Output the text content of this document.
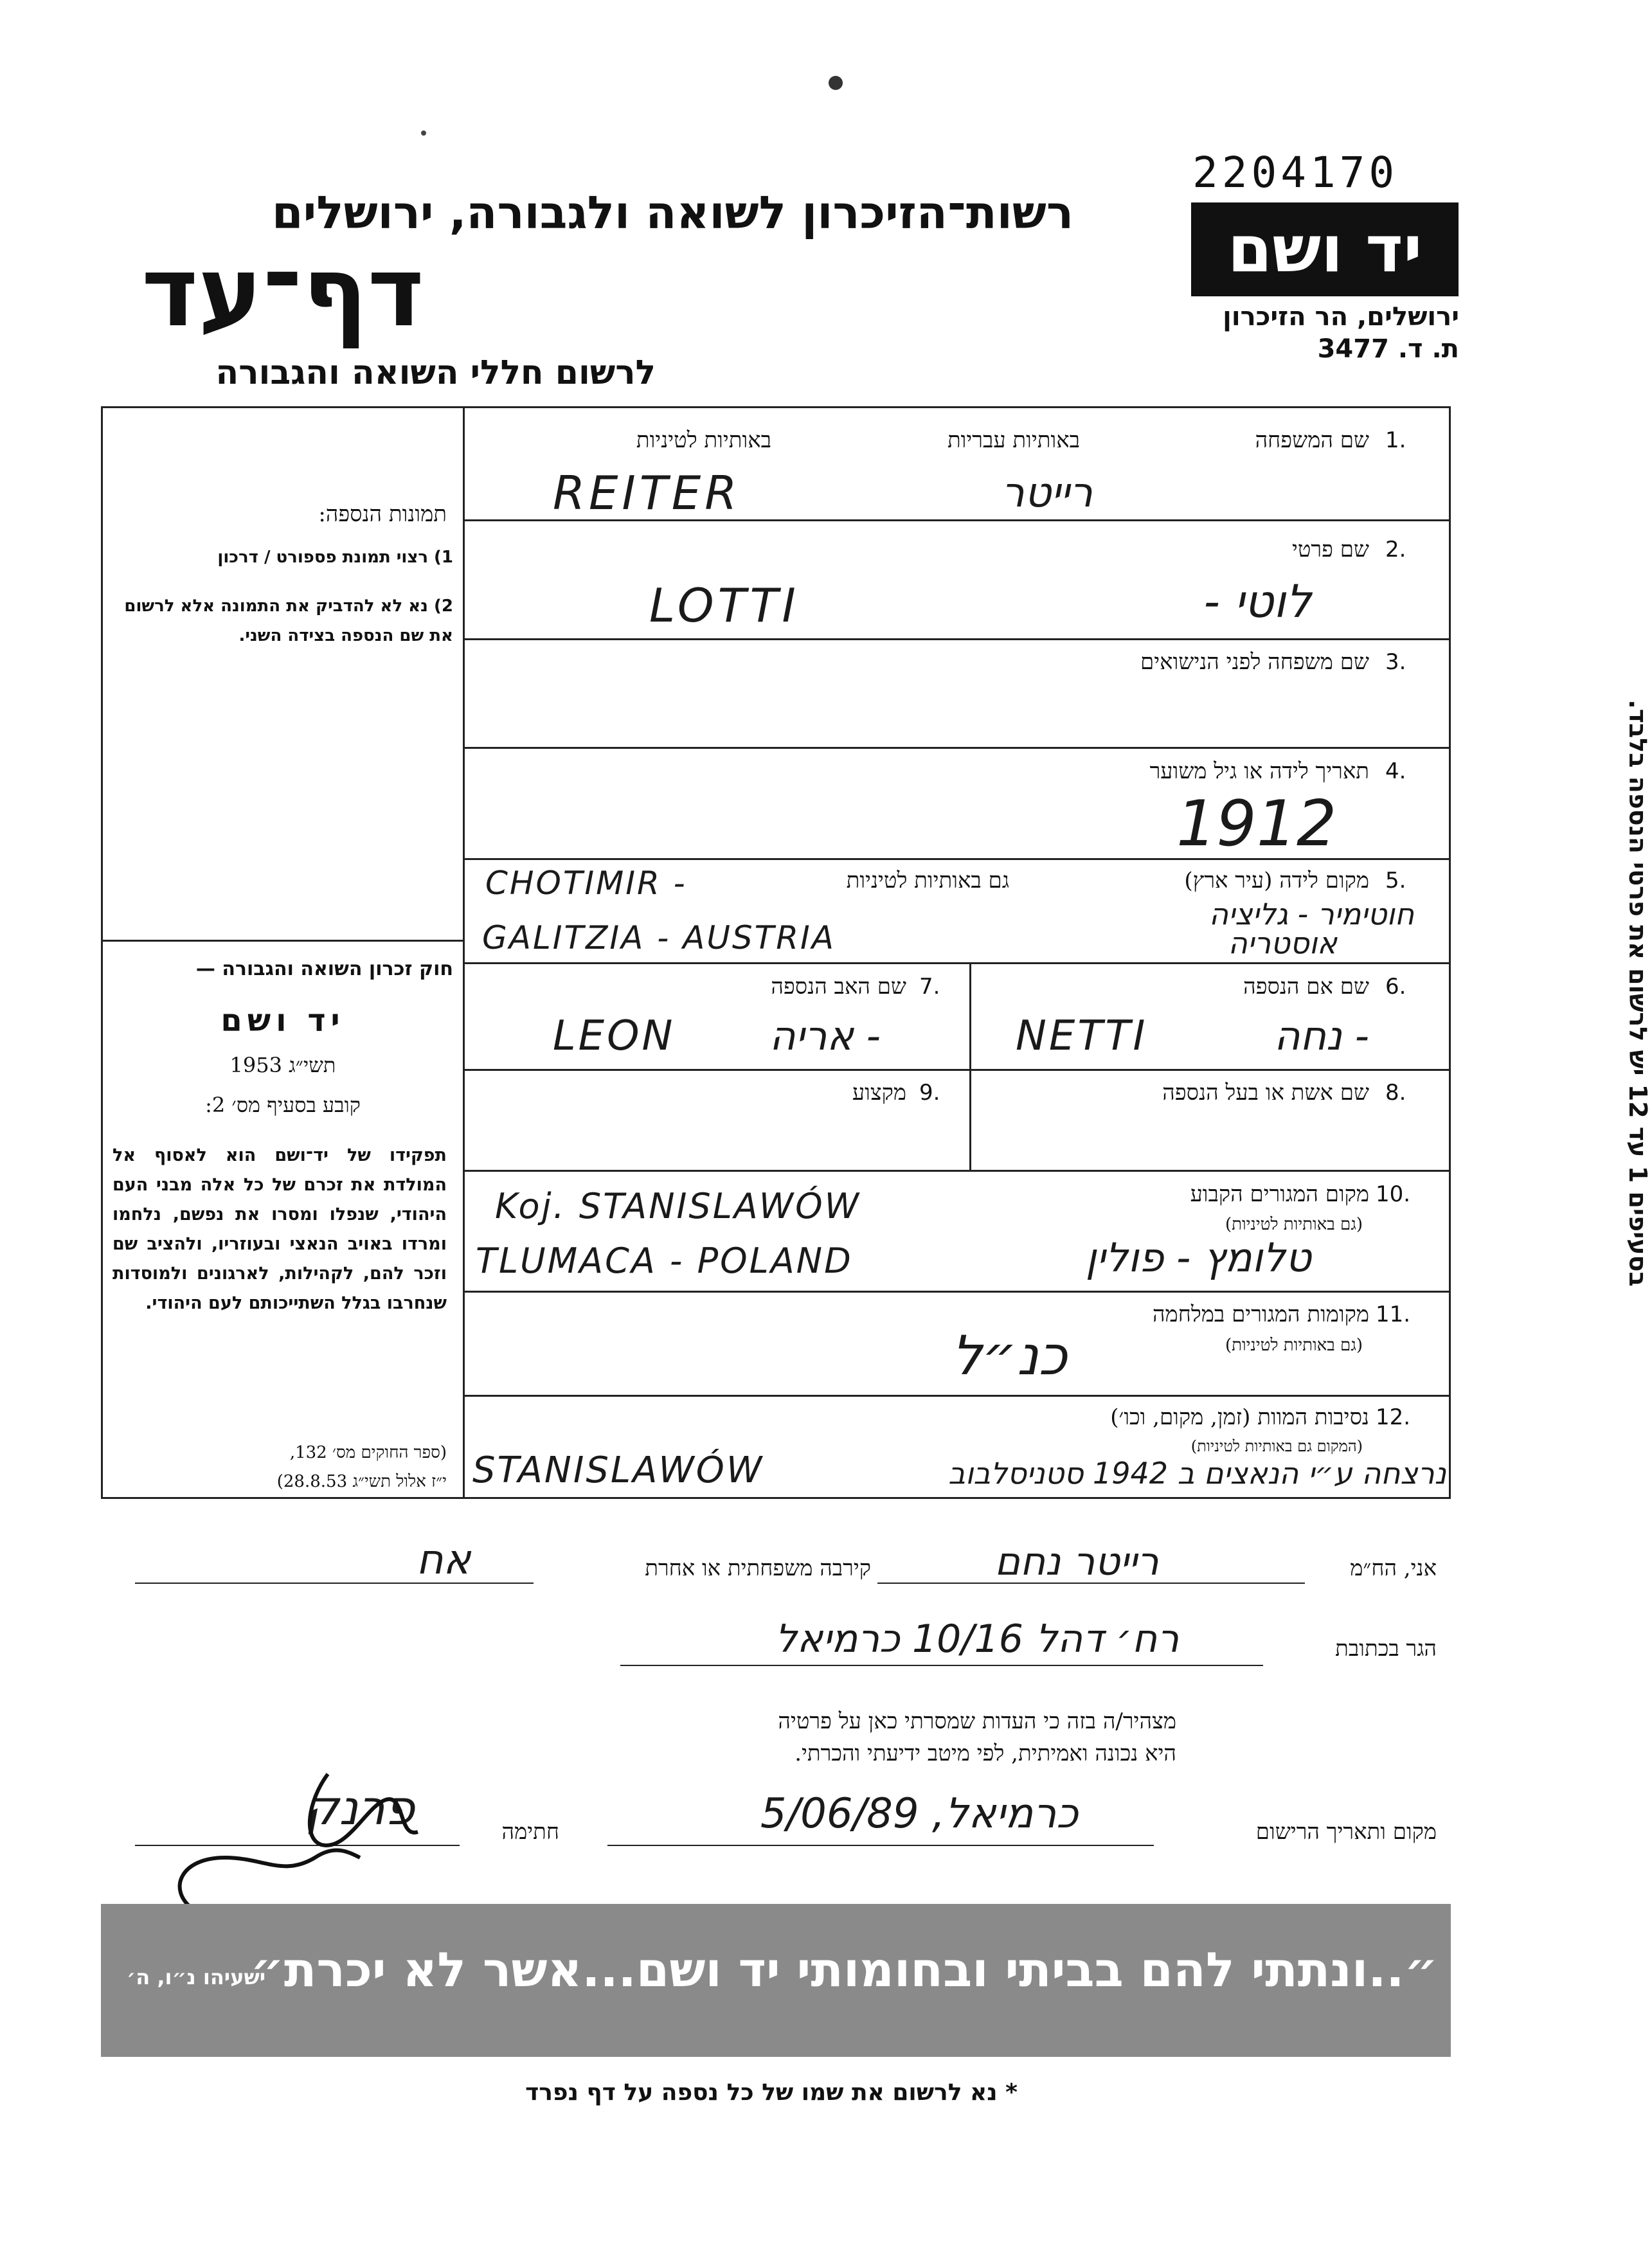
2204170
רשות־הזיכרון לשואה ולגבורה, ירושלים
דף־עד
לרשום חללי השואה והגבורה
יד ושם
ירושלים, הר הזיכרון
ת. ד. 3477
בסעיפים 1 עד 12 יש לרשום את פרטי הנספה בלבד.
תמונות הנספה:
1) רצוי תמונת פספורט / דרכון
2) נא לא להדביק את התמונה אלא לרשום את שם הנספה בצידה השני.
חוק זכרון השואה והגבורה —
יד ושם
תשי״ג 1953
קובע בסעיף מס׳ 2:
תפקידו של יד־ושם הוא לאסוף אל המולדת את זכרם של כל אלה מבני העם היהודי, שנפלו ומסרו את נפשם, נלחמו ומרדו באויב הנאצי ובעוזריו, ולהציב שם וזכר להם, לקהילות, לארגונים ולמוסדות שנחרבו בגלל השתייכותם לעם היהודי.
(ספר החוקים מס׳ 132,
י״ז אלול תשי״ג 28.8.53)
1.
שם המשפחה
באותיות עבריות
באותיות לטיניות
REITER	רייטר
2.
שם פרטי
LOTTI	לוטי -
3.
שם משפחה לפני הנישואים
4.
תאריך לידה או גיל משוער
1912
5.
מקום לידה (עיר ארץ)
גם באותיות לטיניות
CHOTIMIR -
GALITZIA - AUSTRIA
חוטימיר - גליציה
אוסטריה
6.
שם אם הנספה
NETTI	- נחה
7.
שם האב הנספה
LEON	- אריה
8.
שם אשת או בעל הנספה
9.
מקצוע
10.
מקום המגורים הקבוע
(גם באותיות לטיניות)
Koj. STANISLAWÓW
TLUMACA - POLAND	טלומץ - פולין
11.
מקומות המגורים במלחמה
(גם באותיות לטיניות)
כנ״ל
12.
נסיבות המוות (זמן, מקום, וכו׳)
(המקום גם באותיות לטיניות)
STANISLAWÓW	נרצחה ע״י הנאצים ב 1942 סטניסלבוב
אני, הח״מ
רייטר נחם
קירבה משפחתית או אחרת
אח
הגר בכתובת
רח׳ דהל 10/16 כרמיאל
מצהיר/ה בזה כי העדות שמסרתי כאן על פרטיה
היא נכונה ואמיתית, לפי מיטב ידיעתי והכרתי.
מקום ותאריך הרישום
כרמיאל, 5/06/89
חתימה
פרנק
״..ונתתי להם בביתי ובחומותי יד ושם...אשר לא יכרת״
ישעיהו נ״ו, ה׳
* נא לרשום את שמו של כל נספה על דף נפרד
